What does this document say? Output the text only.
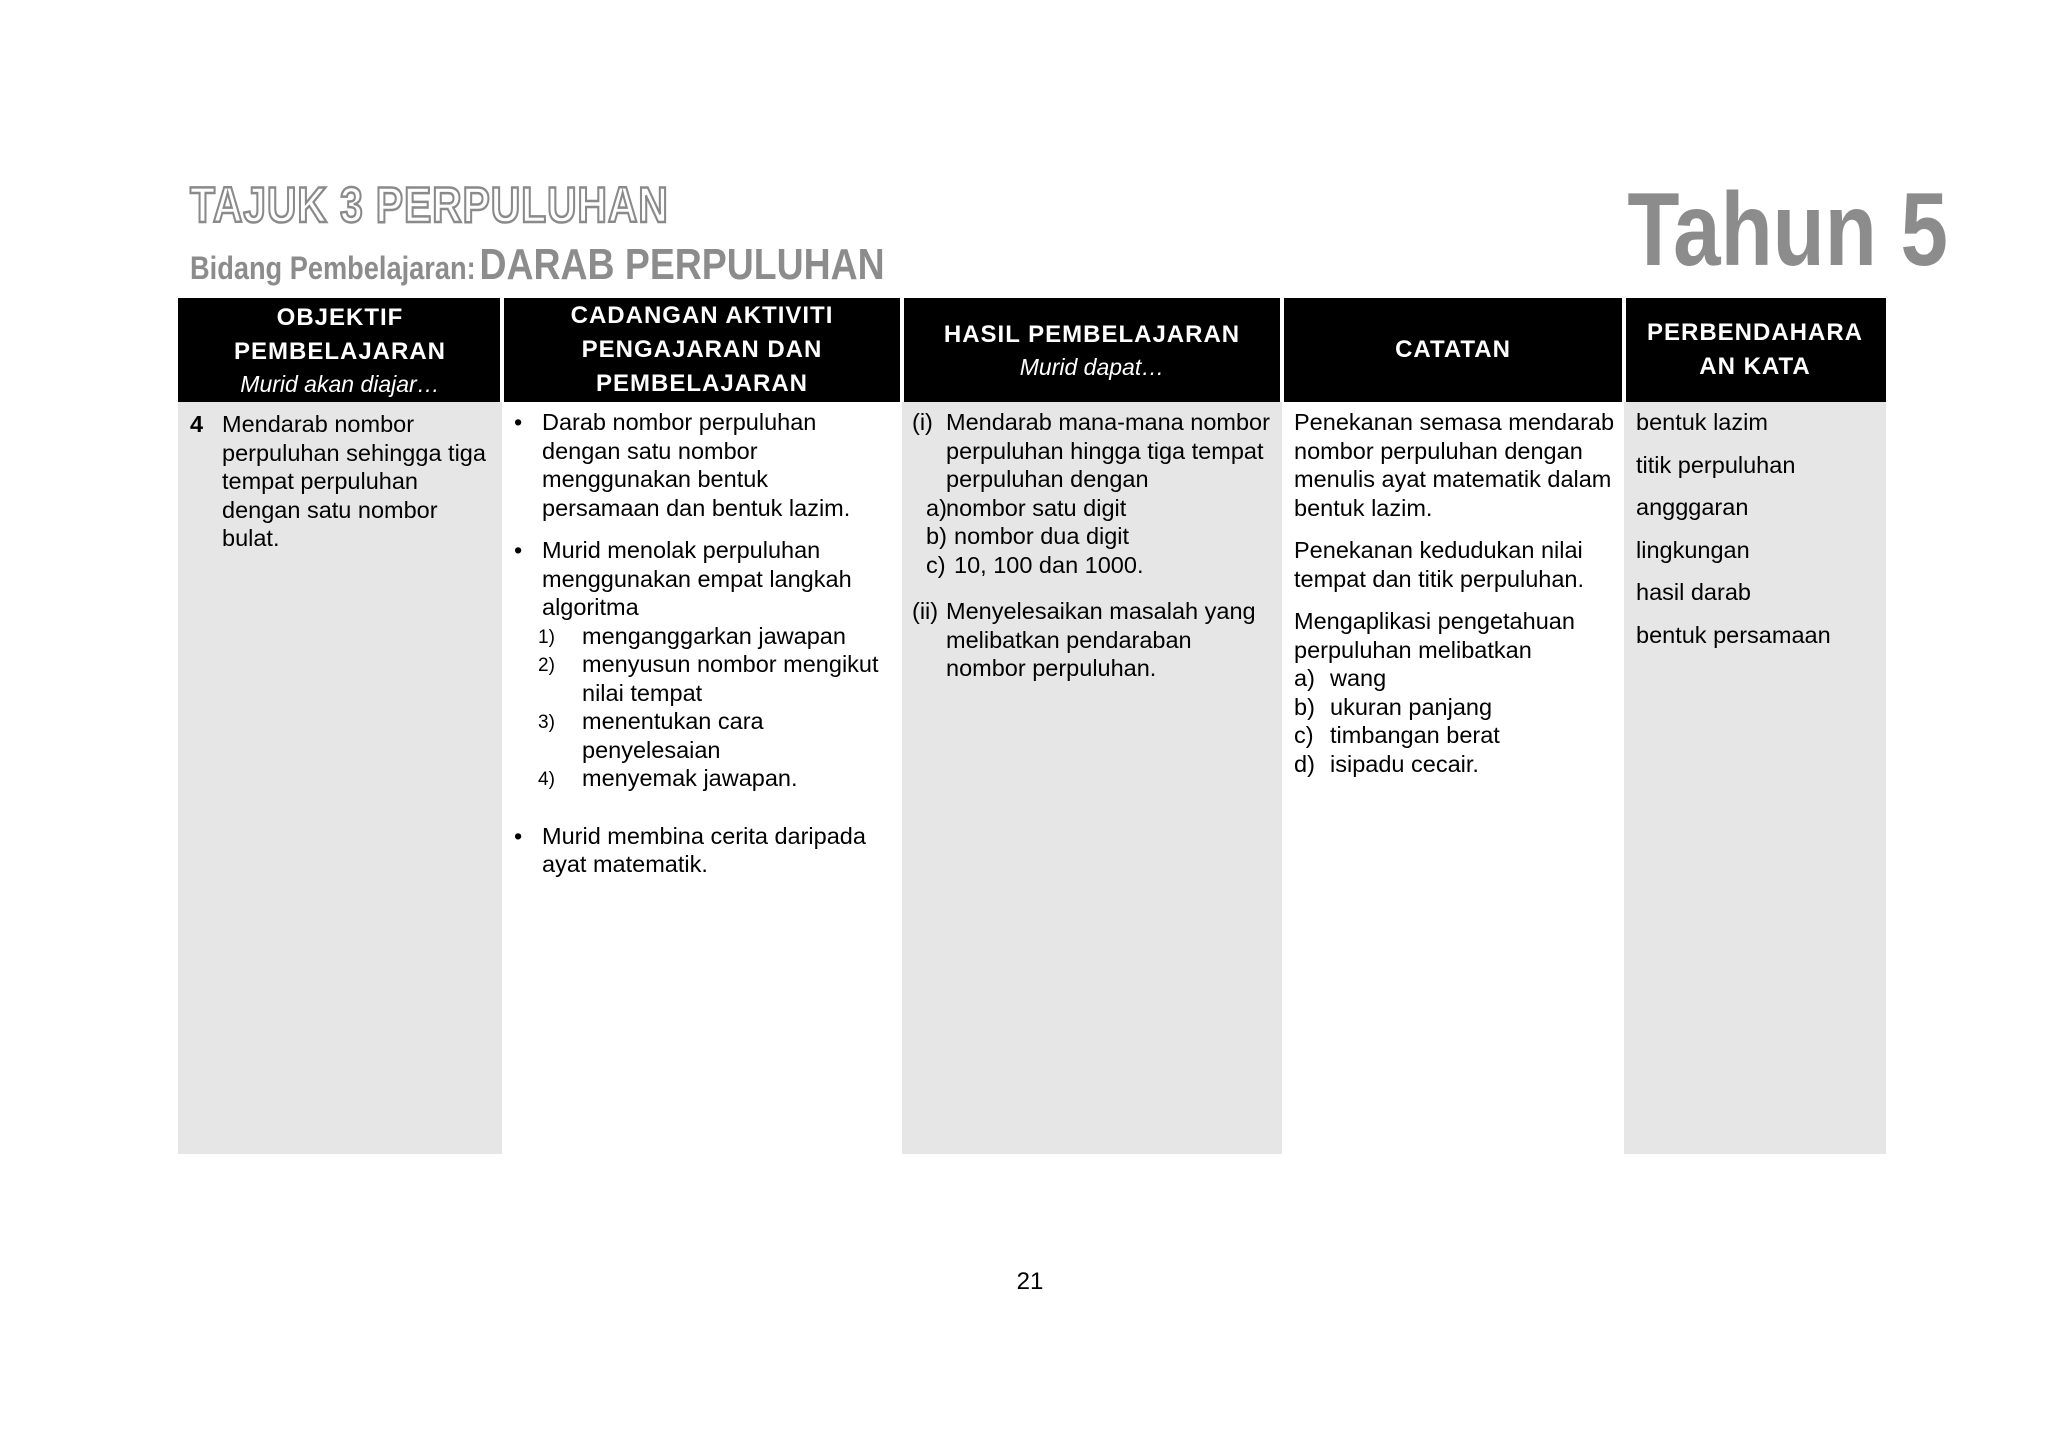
TAJUK 3 PERPULUHAN
Bidang Pembelajaran: DARAB PERPULUHAN	Tahun 5
OBJEKTIF
PEMBELAJARAN
Murid akan diajar…
4 Mendarab nombor perpuluhan sehingga tiga tempat perpuluhan dengan satu nombor bulat.
CADANGAN AKTIVITI
PENGAJARAN DAN
PEMBELAJARAN
• Darab nombor perpuluhan dengan satu nombor menggunakan bentuk persamaan dan bentuk lazim.
• Murid menolak perpuluhan menggunakan empat langkah algoritma
1) menganggarkan jawapan
2) menyusun nombor mengikut nilai tempat
3) menentukan cara penyelesaian
4) menyemak jawapan.
• Murid membina cerita daripada ayat matematik.
HASIL PEMBELAJARAN
Murid dapat…
(i) Mendarab mana-mana nombor perpuluhan hingga tiga tempat perpuluhan dengan
a) nombor satu digit
b) nombor dua digit
c) 10, 100 dan 1000.
(ii) Menyelesaikan masalah yang melibatkan pendaraban nombor perpuluhan.
CATATAN
Penekanan semasa mendarab nombor perpuluhan dengan menulis ayat matematik dalam bentuk lazim.
Penekanan kedudukan nilai tempat dan titik perpuluhan.
Mengaplikasi pengetahuan perpuluhan melibatkan
a) wang
b) ukuran panjang
c) timbangan berat
d) isipadu cecair.
PERBENDAHARA
AN KATA
bentuk lazim
titik perpuluhan
angggaran
lingkungan
hasil darab
bentuk persamaan
21
